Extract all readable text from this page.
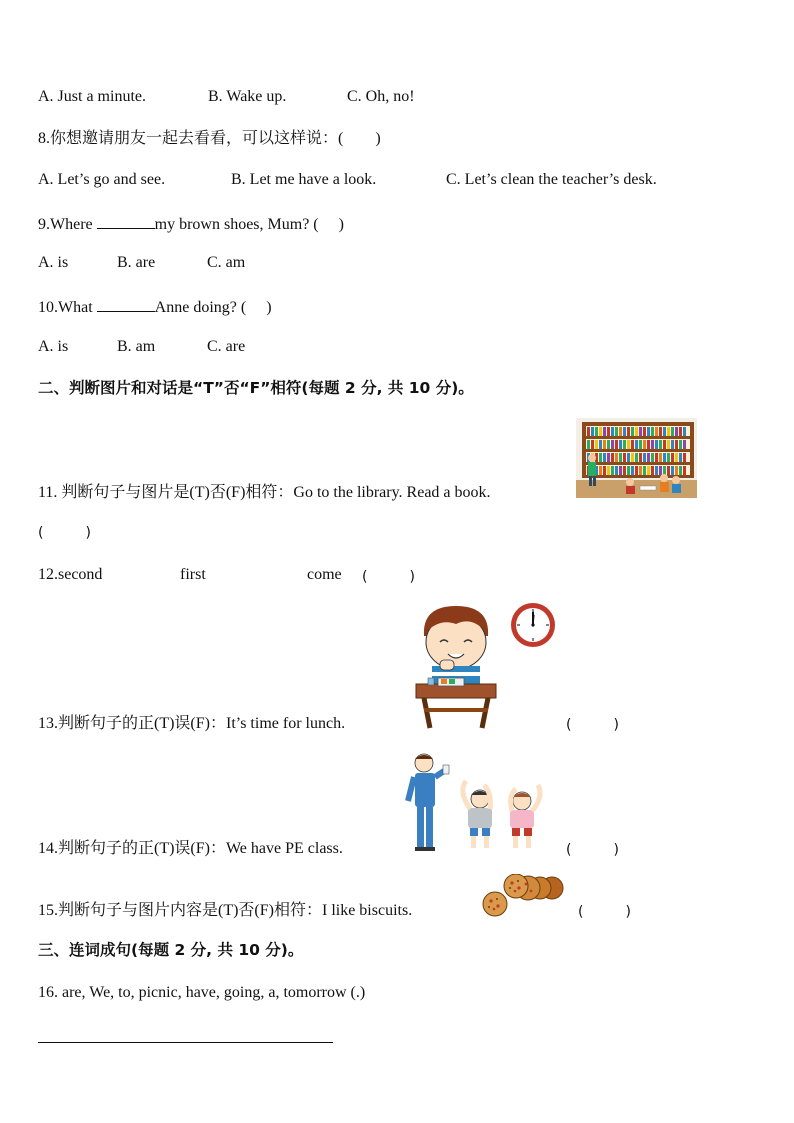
A. Just a minute.	B. Wake up.	C. Oh, no!
8.你想邀请朋友一起去看看，可以这样说：(　　)
A. Let’s go and see.	B. Let me have a look.	C. Let’s clean the teacher’s desk.
9.Where	my brown shoes, Mum? (　 )
A. is	B. are	C. am
10.What	Anne doing? (　 )
A. is	B. am	C. are
二、判断图片和对话是“T”否“F”相符(每题 2 分, 共 10 分)。
11. 判断句子与图片是(T)否(F)相符：Go to the library. Read a book.
(　　　)
12.second	first	come (　　　)
13.判断句子的正(T)误(F)：It’s time for lunch.	(　　　)
14.判断句子的正(T)误(F)：We have PE class.	(　　　)
15.判断句子与图片内容是(T)否(F)相符：I like biscuits.	(　　　)
三、连词成句(每题 2 分, 共 10 分)。
16. are, We, to, picnic, have, going, a, tomorrow (.)
